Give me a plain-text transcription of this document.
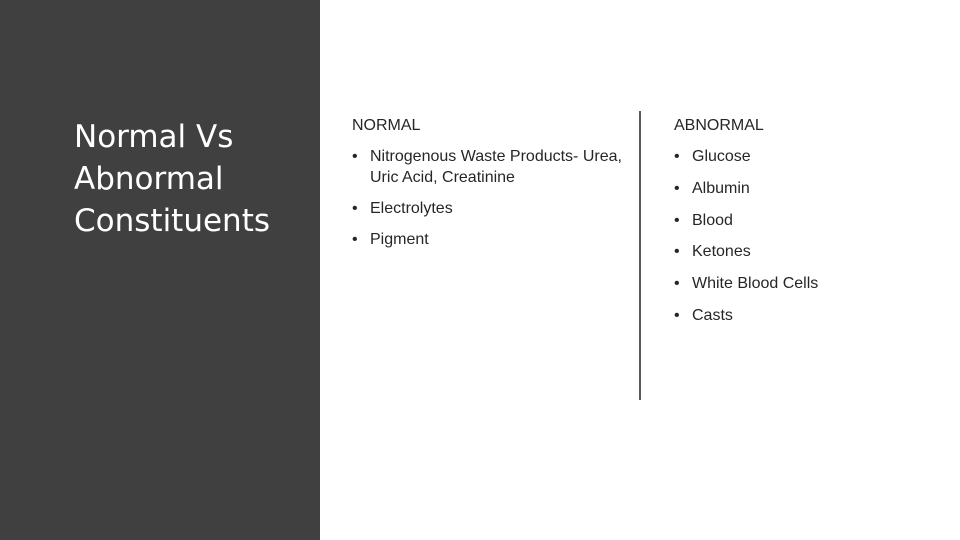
Normal Vs
Abnormal
Constituents
NORMAL
• Nitrogenous Waste Products- Urea, Uric Acid, Creatinine
• Electrolytes
• Pigment
ABNORMAL
• Glucose
• Albumin
• Blood
• Ketones
• White Blood Cells
• Casts
